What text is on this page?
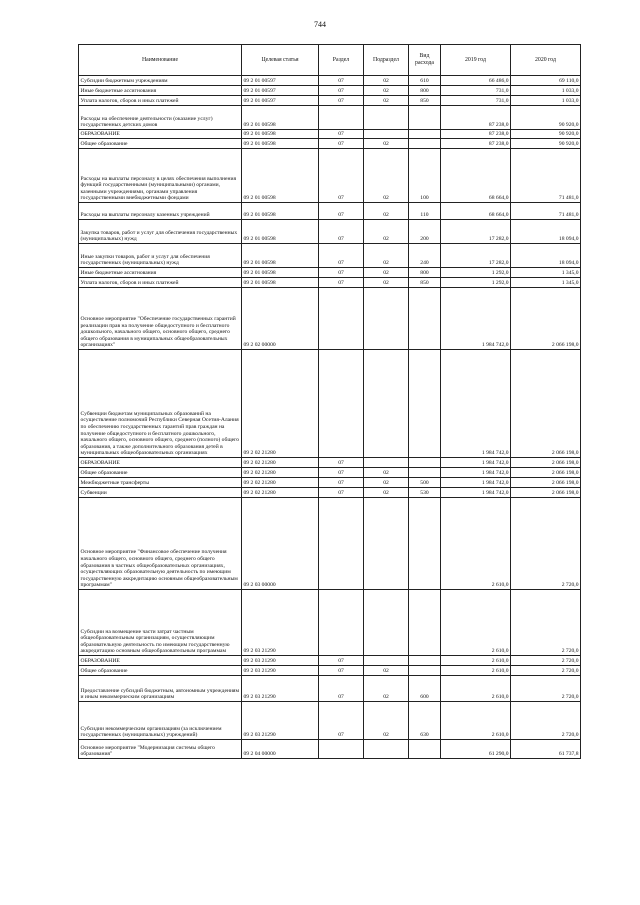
744
Наименование	Целевая статья	Раздел	Подраздел	Вид расхода	2019 год	2020 год
Субсидии бюджетным учреждениям	09 2 01 00597	07	02	610	66 486,0	69 110,0
Иные бюджетные ассигнования	09 2 01 00597	07	02	800	731,0	1 033,0
Уплата налогов, сборов и иных платежей	09 2 01 00597	07	02	850	731,0	1 033,0
Расходы на обеспечение деятельности (оказание услуг) государственных детских домов	09 2 01 00598				87 238,0	90 920,0
ОБРАЗОВАНИЕ	09 2 01 00598	07			87 238,0	90 920,0
Общее образование	09 2 01 00598	07	02		87 238,0	90 920,0
Расходы на выплаты персоналу в целях обеспечения выполнения функций государственными (муниципальными) органами, казенными учреждениями, органами управления государственными внебюджетными фондами	09 2 01 00598	07	02	100	68 664,0	71 481,0
Расходы на выплаты персоналу казенных учреждений	09 2 01 00598	07	02	110	68 664,0	71 481,0
Закупка товаров, работ и услуг для обеспечения государственных (муниципальных) нужд	09 2 01 00598	07	02	200	17 282,0	18 094,0
Иные закупки товаров, работ и услуг для обеспечения государственных (муниципальных) нужд	09 2 01 00598	07	02	240	17 282,0	18 094,0
Иные бюджетные ассигнования	09 2 01 00598	07	02	800	1 292,0	1 345,0
Уплата налогов, сборов и иных платежей	09 2 01 00598	07	02	850	1 292,0	1 345,0
Основное мероприятие "Обеспечение государственных гарантий реализации прав на получение общедоступного и бесплатного дошкольного, начального общего, основного общего, среднего общего образования в муниципальных общеобразовательных организациях"	09 2 02 00000				1 984 742,0	2 066 198,0
Субвенции бюджетам муниципальных образований на осуществление полномочий Республики Северная Осетия-Алания по обеспечению государственных гарантий прав граждан на получение общедоступного и бесплатного дошкольного, начального общего, основного общего, среднего (полного) общего образования, а также дополнительного образования детей в муниципальных общеобразовательных организациях	09 2 02 21280				1 984 742,0	2 066 198,0
ОБРАЗОВАНИЕ	09 2 02 21280	07			1 984 742,0	2 066 198,0
Общее образование	09 2 02 21280	07	02		1 984 742,0	2 066 198,0
Межбюджетные трансферты	09 2 02 21280	07	02	500	1 984 742,0	2 066 198,0
Субвенции	09 2 02 21280	07	02	530	1 984 742,0	2 066 198,0
Основное мероприятие "Финансовое обеспечение получения начального общего, основного общего, среднего общего образования в частных общеобразовательных организациях, осуществляющих образовательную деятельность по имеющим государственную аккредитацию основным общеобразовательным программам"	09 2 03 00000				2 610,0	2 720,0
Субсидии на возмещение части затрат частным общеобразовательным организациям, осуществляющим образовательную деятельность по имеющим государственную аккредитацию основным общеобразовательным программам	09 2 03 21290				2 610,0	2 720,0
ОБРАЗОВАНИЕ	09 2 03 21290	07			2 610,0	2 720,0
Общее образование	09 2 03 21290	07	02		2 610,0	2 720,0
Предоставление субсидий бюджетным, автономным учреждениям и иным некоммерческим организациям	09 2 03 21290	07	02	600	2 610,0	2 720,0
Субсидии некоммерческим организациям (за исключением государственных (муниципальных) учреждений)	09 2 03 21290	07	02	630	2 610,0	2 720,0
Основное мероприятие "Модернизация системы общего образования"	09 2 04 00000				61 290,0	61 737,8
